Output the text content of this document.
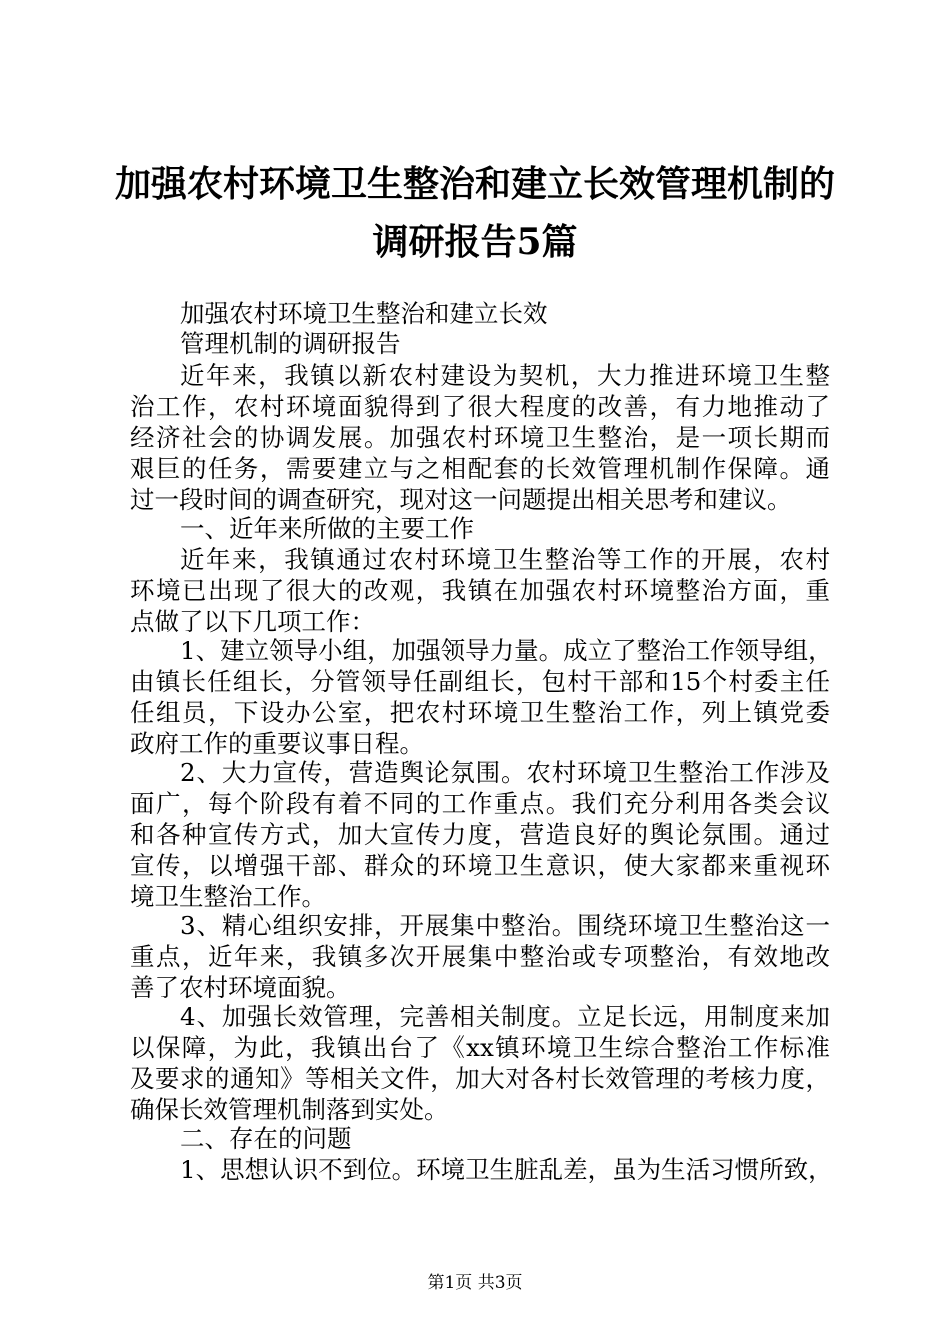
加强农村环境卫生整治和建立长效管理机制的
调研报告5篇
加强农村环境卫生整治和建立长效
管理机制的调研报告
近年来，我镇以新农村建设为契机，大力推进环境卫生整
治工作，农村环境面貌得到了很大程度的改善，有力地推动了
经济社会的协调发展。加强农村环境卫生整治，是一项长期而
艰巨的任务，需要建立与之相配套的长效管理机制作保障。通
过一段时间的调查研究，现对这一问题提出相关思考和建议。
一、近年来所做的主要工作
近年来，我镇通过农村环境卫生整治等工作的开展，农村
环境已出现了很大的改观，我镇在加强农村环境整治方面，重
点做了以下几项工作：
1、建立领导小组，加强领导力量。成立了整治工作领导组，
由镇长任组长，分管领导任副组长，包村干部和15个村委主任
任组员，下设办公室，把农村环境卫生整治工作，列上镇党委
政府工作的重要议事日程。
2、大力宣传，营造舆论氛围。农村环境卫生整治工作涉及
面广，每个阶段有着不同的工作重点。我们充分利用各类会议
和各种宣传方式，加大宣传力度，营造良好的舆论氛围。通过
宣传，以增强干部、群众的环境卫生意识，使大家都来重视环
境卫生整治工作。
3、精心组织安排，开展集中整治。围绕环境卫生整治这一
重点，近年来，我镇多次开展集中整治或专项整治，有效地改
善了农村环境面貌。
4、加强长效管理，完善相关制度。立足长远，用制度来加
以保障，为此，我镇出台了《xx镇环境卫生综合整治工作标准
及要求的通知》等相关文件，加大对各村长效管理的考核力度，
确保长效管理机制落到实处。
二、存在的问题
1、思想认识不到位。环境卫生脏乱差，虽为生活习惯所致，
第1页 共3页
